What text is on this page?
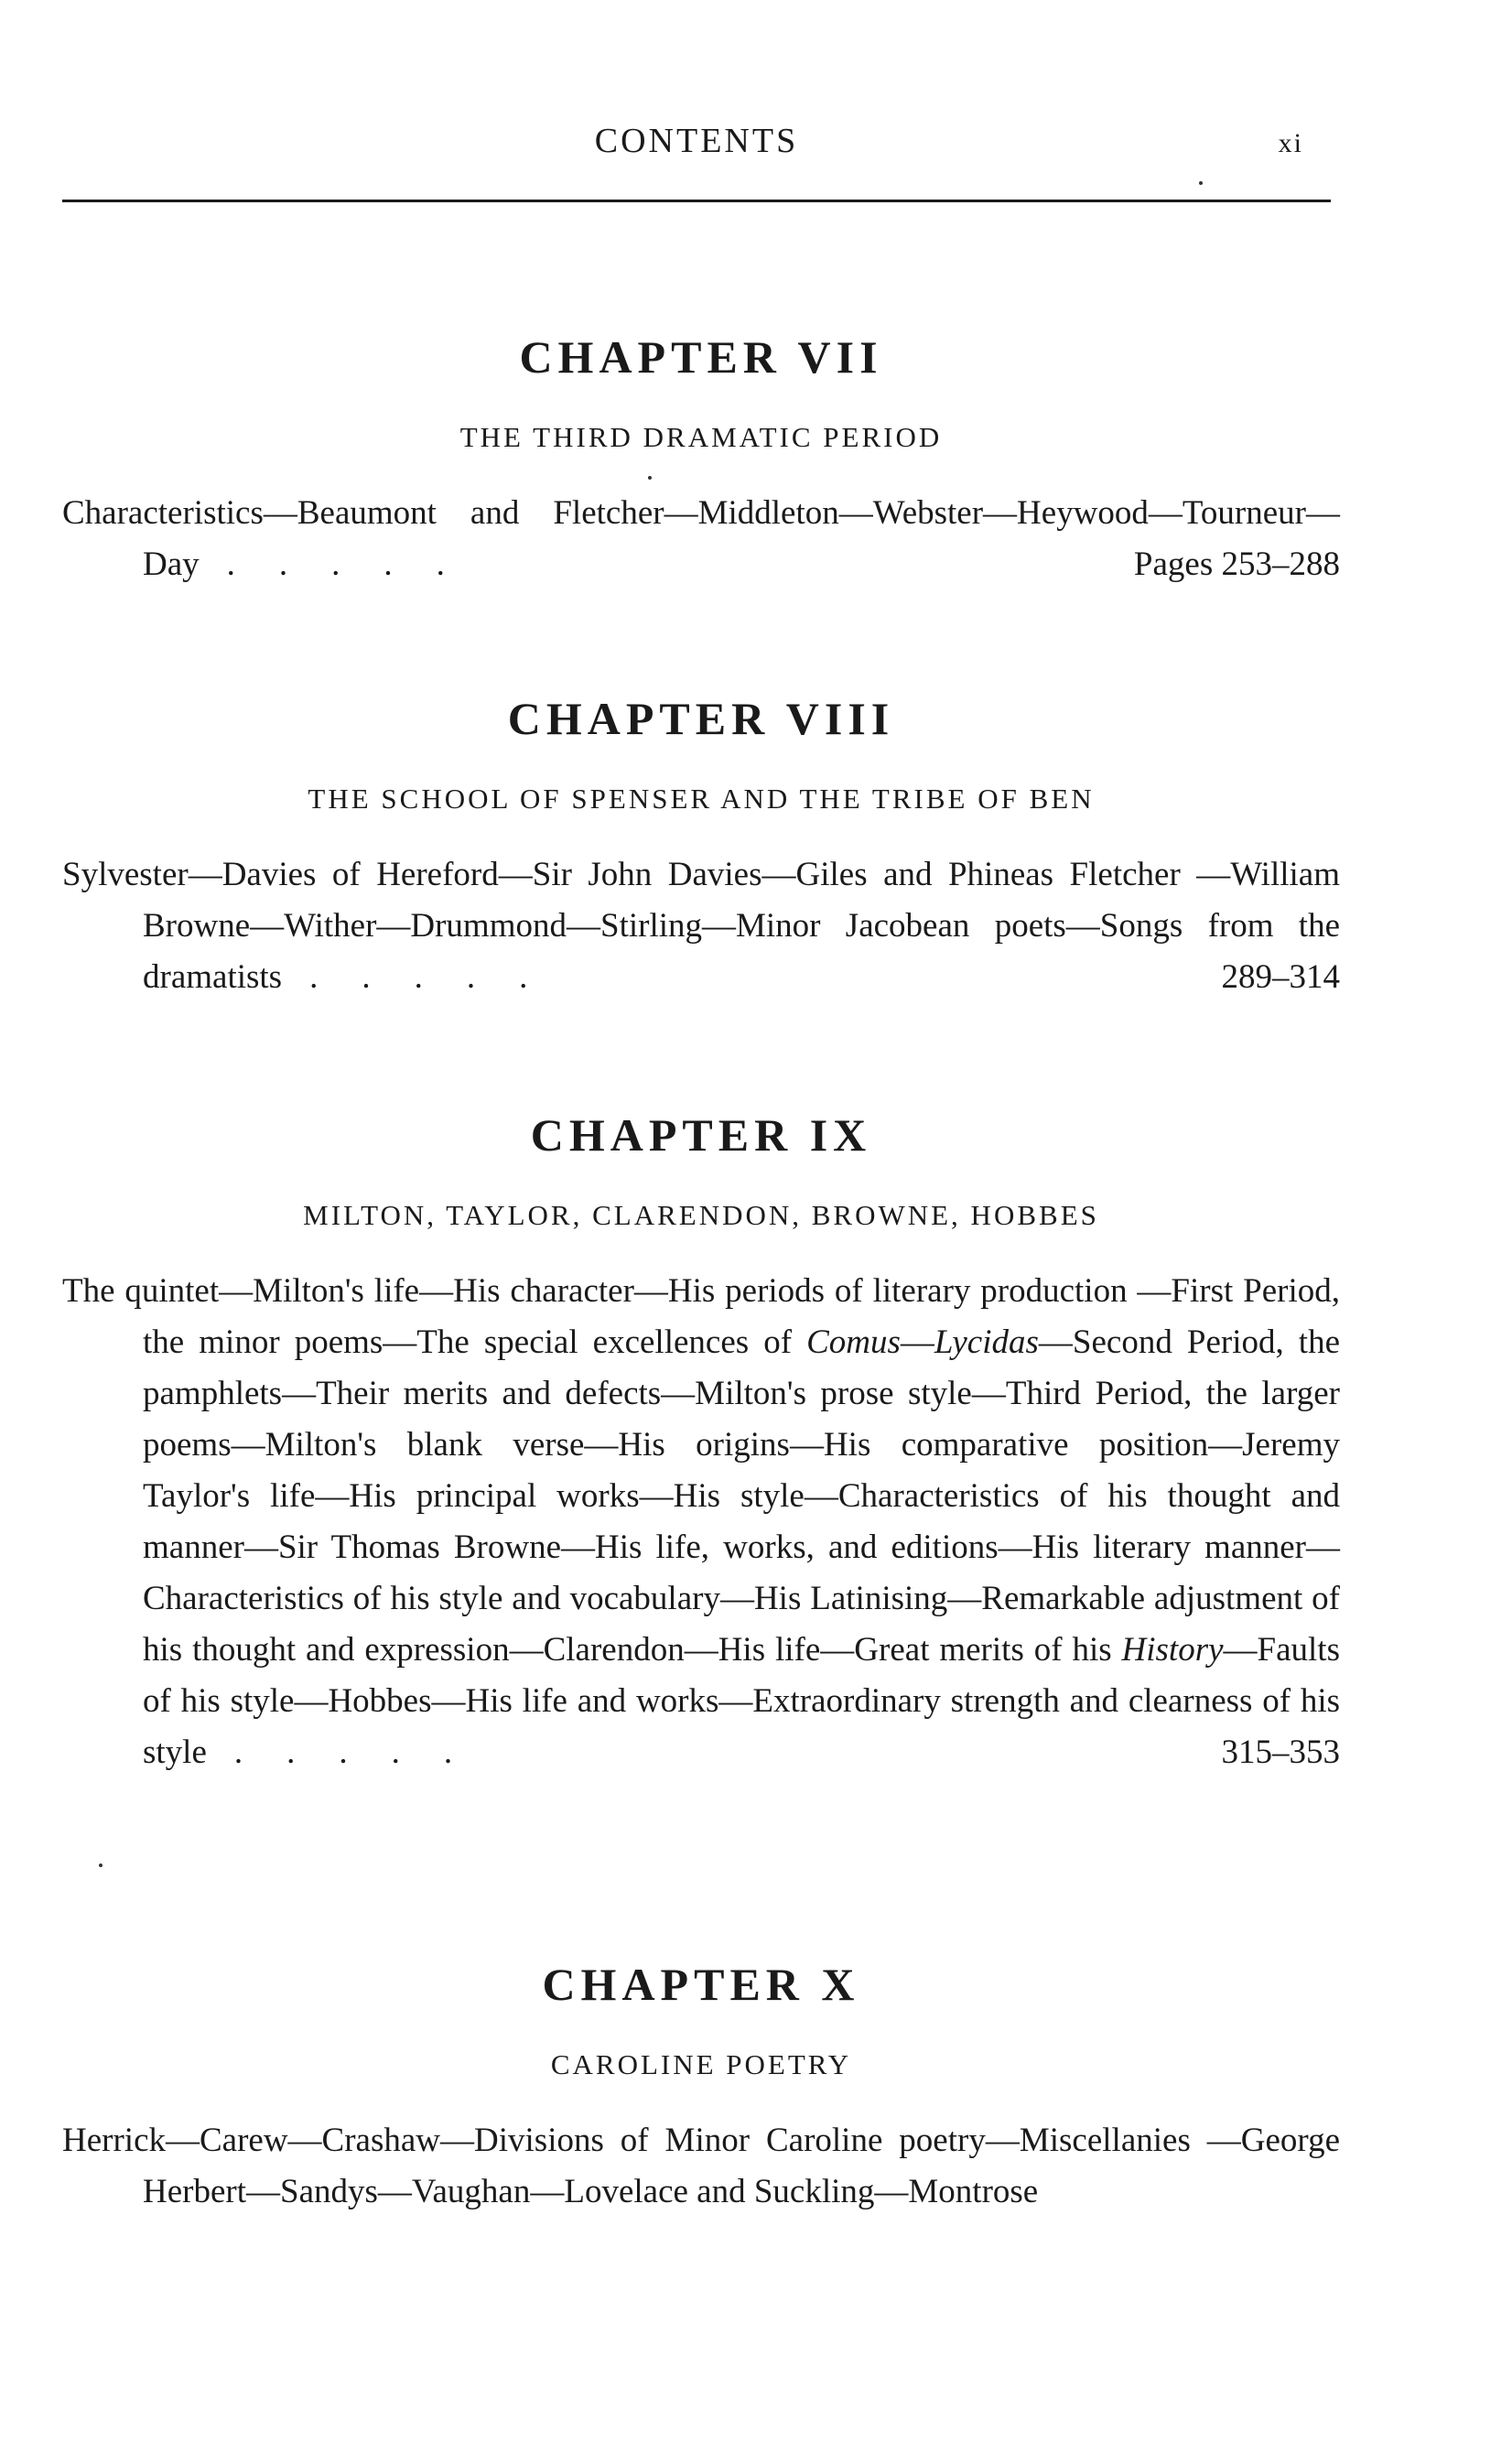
CONTENTS	xi
CHAPTER VII
THE THIRD DRAMATIC PERIOD
Characteristics—Beaumont and Fletcher—Middleton—Webster—Heywood—Tourneur—Day .....	Pages 253–288
CHAPTER VIII
THE SCHOOL OF SPENSER AND THE TRIBE OF BEN
Sylvester—Davies of Hereford—Sir John Davies—Giles and Phineas Fletcher —William Browne—Wither—Drummond—Stirling—Minor Jacobean poets—Songs from the dramatists .....	289–314
CHAPTER IX
MILTON, TAYLOR, CLARENDON, BROWNE, HOBBES
The quintet—Milton's life—His character—His periods of literary production —First Period, the minor poems—The special excellences of Comus—Lycidas—Second Period, the pamphlets—Their merits and defects—Milton's prose style—Third Period, the larger poems—Milton's blank verse—His origins—His comparative position—Jeremy Taylor's life—His principal works—His style—Characteristics of his thought and manner—Sir Thomas Browne—His life, works, and editions—His literary manner—Characteristics of his style and vocabulary—His Latinising—Remarkable adjustment of his thought and expression—Clarendon—His life—Great merits of his History—Faults of his style—Hobbes—His life and works—Extraordinary strength and clearness of his style .....	315–353
CHAPTER X
CAROLINE POETRY
Herrick—Carew—Crashaw—Divisions of Minor Caroline poetry—Miscellanies —George Herbert—Sandys—Vaughan—Lovelace and Suckling—Montrose
